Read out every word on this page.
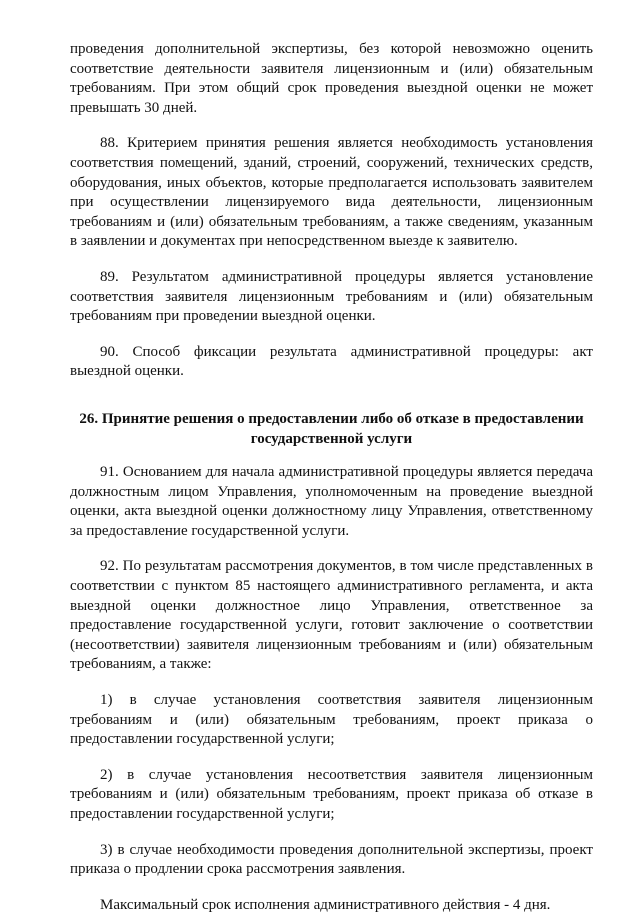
проведения дополнительной экспертизы, без которой невозможно оценить соответствие деятельности заявителя лицензионным и (или) обязательным требованиям. При этом общий срок проведения выездной оценки не может превышать 30 дней.

88. Критерием принятия решения является необходимость установления соответствия помещений, зданий, строений, сооружений, технических средств, оборудования, иных объектов, которые предполагается использовать заявителем при осуществлении лицензируемого вида деятельности, лицензионным требованиям и (или) обязательным требованиям, а также сведениям, указанным в заявлении и документах при непосредственном выезде к заявителю.

89. Результатом административной процедуры является установление соответствия заявителя лицензионным требованиям и (или) обязательным требованиям при проведении выездной оценки.

90. Способ фиксации результата административной процедуры: акт выездной оценки.

26. Принятие решения о предоставлении либо об отказе в предоставлении государственной услуги

91. Основанием для начала административной процедуры является передача должностным лицом Управления, уполномоченным на проведение выездной оценки, акта выездной оценки должностному лицу Управления, ответственному за предоставление государственной услуги.

92. По результатам рассмотрения документов, в том числе представленных в соответствии с пунктом 85 настоящего административного регламента, и акта выездной оценки должностное лицо Управления, ответственное за предоставление государственной услуги, готовит заключение о соответствии (несоответствии) заявителя лицензионным требованиям и (или) обязательным требованиям, а также:

1) в случае установления соответствия заявителя лицензионным требованиям и (или) обязательным требованиям, проект приказа о предоставлении государственной услуги;

2) в случае установления несоответствия заявителя лицензионным требованиям и (или) обязательным требованиям, проект приказа об отказе в предоставлении государственной услуги;

3) в случае необходимости проведения дополнительной экспертизы, проект приказа о продлении срока рассмотрения заявления.

Максимальный срок исполнения административного действия - 4 дня.
